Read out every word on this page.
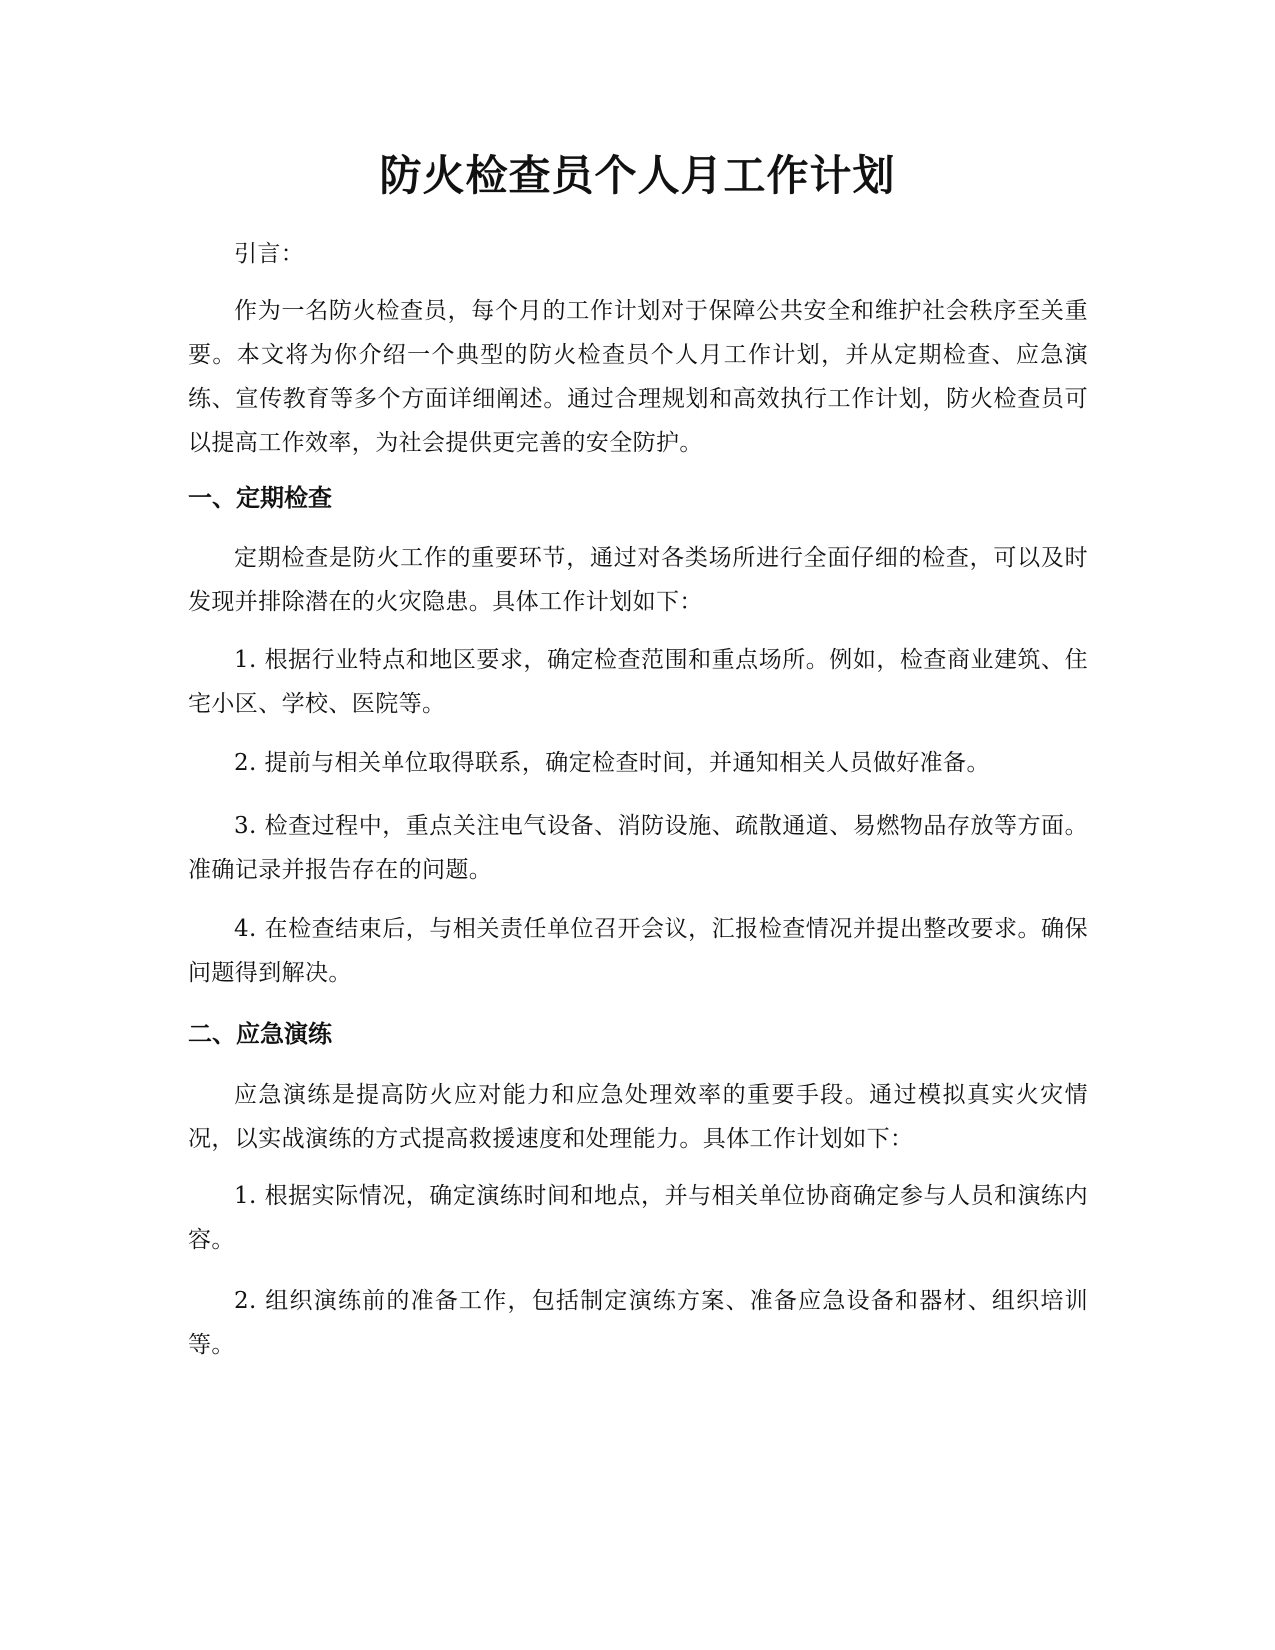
防火检查员个人月工作计划

引言：

作为一名防火检查员，每个月的工作计划对于保障公共安全和维护社会秩序至关重要。本文将为你介绍一个典型的防火检查员个人月工作计划，并从定期检查、应急演练、宣传教育等多个方面详细阐述。通过合理规划和高效执行工作计划，防火检查员可以提高工作效率，为社会提供更完善的安全防护。

一、定期检查

定期检查是防火工作的重要环节，通过对各类场所进行全面仔细的检查，可以及时发现并排除潜在的火灾隐患。具体工作计划如下：

1. 根据行业特点和地区要求，确定检查范围和重点场所。例如，检查商业建筑、住宅小区、学校、医院等。

2. 提前与相关单位取得联系，确定检查时间，并通知相关人员做好准备。

3. 检查过程中，重点关注电气设备、消防设施、疏散通道、易燃物品存放等方面。准确记录并报告存在的问题。

4. 在检查结束后，与相关责任单位召开会议，汇报检查情况并提出整改要求。确保问题得到解决。

二、应急演练

应急演练是提高防火应对能力和应急处理效率的重要手段。通过模拟真实火灾情况，以实战演练的方式提高救援速度和处理能力。具体工作计划如下：

1. 根据实际情况，确定演练时间和地点，并与相关单位协商确定参与人员和演练内容。

2. 组织演练前的准备工作，包括制定演练方案、准备应急设备和器材、组织培训等。
